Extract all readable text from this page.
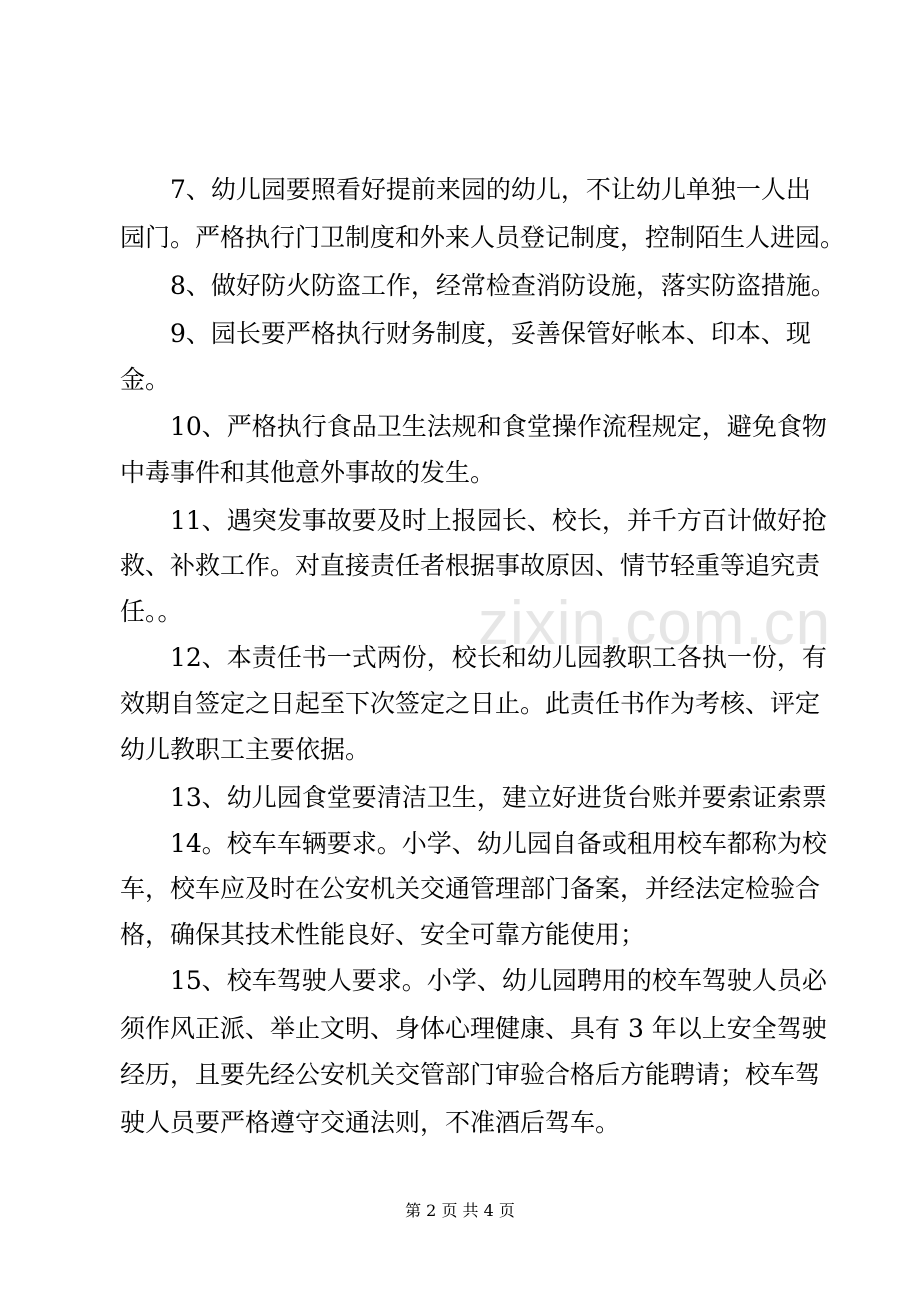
7、幼儿园要照看好提前来园的幼儿，不让幼儿单独一人出
园门。严格执行门卫制度和外来人员登记制度，控制陌生人进园。
8、做好防火防盗工作，经常检查消防设施，落实防盗措施。
9、园长要严格执行财务制度，妥善保管好帐本、印本、现
金。
10、严格执行食品卫生法规和食堂操作流程规定，避免食物
中毒事件和其他意外事故的发生。
11、遇突发事故要及时上报园长、校长，并千方百计做好抢
救、补救工作。对直接责任者根据事故原因、情节轻重等追究责
任。。
12、本责任书一式两份，校长和幼儿园教职工各执一份，有
效期自签定之日起至下次签定之日止。此责任书作为考核、评定
幼儿教职工主要依据。
13、幼儿园食堂要清洁卫生，建立好进货台账并要索证索票
14。校车车辆要求。小学、幼儿园自备或租用校车都称为校
车，校车应及时在公安机关交通管理部门备案，并经法定检验合
格，确保其技术性能良好、安全可靠方能使用；
15、校车驾驶人要求。小学、幼儿园聘用的校车驾驶人员必
须作风正派、举止文明、身体心理健康、具有 3 年以上安全驾驶
经历，且要先经公安机关交管部门审验合格后方能聘请；校车驾
驶人员要严格遵守交通法则，不准酒后驾车。
zixin.com.cn
第 2 页 共 4 页
